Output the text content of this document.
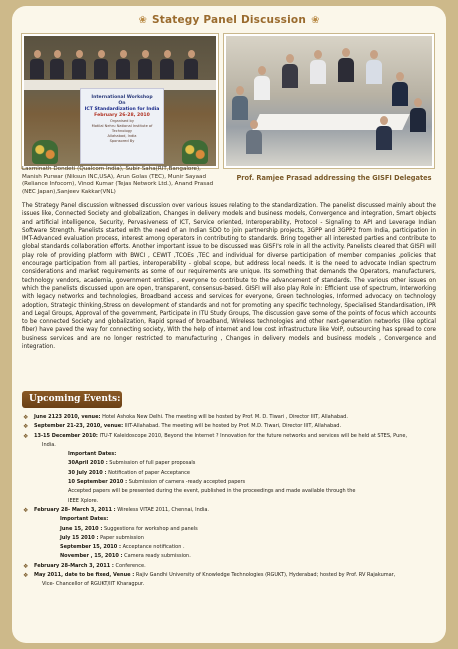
❀ Stategy Panel Discussion ❀
International Workshop
On
ICT Standardization for India
February 26-28, 2010
Organised by
Motilal Nehru National Institute of Technology
Allahabad, India
Sponsored By
Laxminath Dondeti (Qualcom India), Subir Saha(RIT,Bangalore), Manish Purwar (Niksun INC,USA), Arun Golas (TEC), Munir Sayaad (Reliance Infocom), Vinod Kumar (Tejas Network Ltd.), Anand Prasad (NEC Japan),Sanjeev Kakkar(VNL)
Prof. Ramjee Prasad addressing the GISFI Delegates

The Strategy Panel discussion witnessed discussion over various issues relating to the standardization. The panelist discussed mainly about the issues like, Connected Society and globalization, Changes in delivery models and business models, Convergence and integration, Smart objects and artificial intelligence, Security, Pervasiveness of ICT, Service oriented, Interoperability, Protocol - Signaling to API and Leverage Indian Software Strength. Panelists started with the need of an Indian SDO to join partnership projects, 3GPP and 3GPP2 from India, participation in IMT-Advanced evaluation process, interest among operators in contributing to standards. Bring together all interested parties and contribute to global standards collaboration efforts. Another important issue to be discussed was GISFI's role in all the activity. Panelists cleared that GISFI will play role of providing platform with BWCI , CEWIT ,TCOEs ,TEC and individual for diverse participation of member companies ,policies that encourage participation from all parties, interoperability - global scope, but address local needs. It is the need to advocate Indian spectrum considerations and market requirements as some of our requirements are unique. Its something that demands the Operators, manufacturers, technology vendors, academia, government entities , everyone to contribute to the advancement of standards. The various other issues on which the panelists discussed upon are open, transparent, consensus-based. GISFI will also play Role in: Efficient use of spectrum, Interworking with legacy networks and technologies, Broadband access and services for everyone, Green technologies, Informed advocacy on technology adoption, Strategic thinking,Stress on development of standards and not for promoting any specific technology, Specialised Standardisation, IPR and Legal Groups, Approval of the government, Participate in ITU Study Groups, The discussion gave some of the points of focus which accounts to be connected Society and globalization, Rapid spread of broadband, Wireless technologies and other next-generation networks (like optical fiber) have paved the way for connecting society, With the help of internet and low cost infrastructure like VoIP, outsourcing has spread to core business services and are no longer restricted to manufacturing , Changes in delivery models and business models , Convergence and integration.

Upcoming Events:
❖ June 2123 2010, venue: Hotel Ashoka New Delhi. The meeting will be hosted by Prof. M. D. Tiwari , Director IIIT, Allahabad.
❖ September 21-23, 2010, venue: IIIT-Allahabad. The meeting will be hosted by Prof. M.D. Tiwari, Director IIIT, Allahabad.
❖ 13-15 December 2010: ITU-T Kaleidoscope 2010, Beyond the Internet ? Innovation for the future networks and services will be held at STES, Pune,
India.
Important Dates:
30April 2010 : Submission of full paper proposals
30 July 2010 : Notification of paper Acceptance
10 September 2010 : Submission of camera -ready accepted papers
Accepted papers will be presented during the event, published in the proceedings and made available through the
IEEE Xplore.
❖ February 28- March 3, 2011 : Wireless VITAE 2011, Chennai, India.
Important Dates:
June 15, 2010 : Suggestions for workshop and panels
July 15 2010 : Paper submission
September 15, 2010 : Acceptance notification .
November , 15, 2010 : Camera ready submission.
❖ February 28-March 3, 2011 : Conference.
❖ May 2011, date to be fixed, Venue : Rajiv Gandhi University of Knowledge Technologies (RGUKT), Hyderabad; hosted by Prof. RV Rajakumar,
Vice- Chancellor of RGUKT/IIT Kharagpur.
